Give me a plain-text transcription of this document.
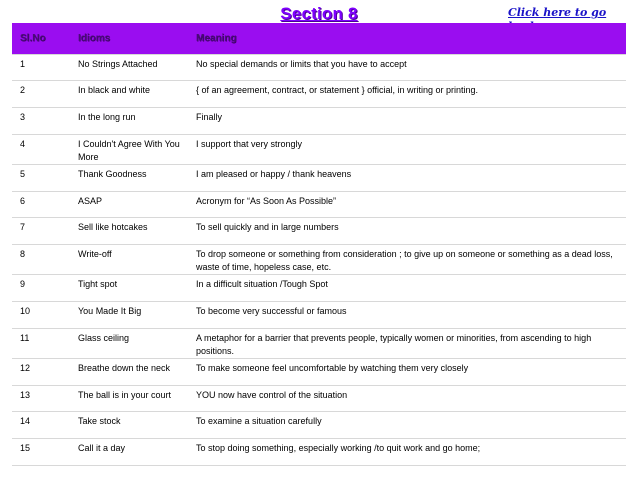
Section 8	Click here to go back
Sl.No	Idioms	Meaning
1	No Strings Attached	No special demands or limits that you have to accept
2	In black and white	{ of an agreement, contract, or statement } official, in writing or printing.
3	In the long run	Finally
4	I Couldn't Agree With You More	I support that very strongly
5	Thank Goodness	I am pleased or happy / thank heavens
6	ASAP	Acronym for “As Soon As Possible”
7	Sell like hotcakes	To sell quickly and in large numbers
8	Write-off	To drop someone or something from consideration ; to give up on someone or something as a dead loss, waste of time, hopeless case, etc.
9	Tight spot	In a difficult situation /Tough Spot
10	You Made It Big	To become very successful or famous
11	Glass ceiling	A metaphor for a barrier that prevents people, typically women or minorities, from ascending to high positions.
12	Breathe down the neck	To make someone feel uncomfortable by watching them very closely
13	The ball is in your court	YOU now have control of the situation
14	Take stock	To examine a situation carefully
15	Call it a day	To stop doing something, especially working /to quit work and go home;
